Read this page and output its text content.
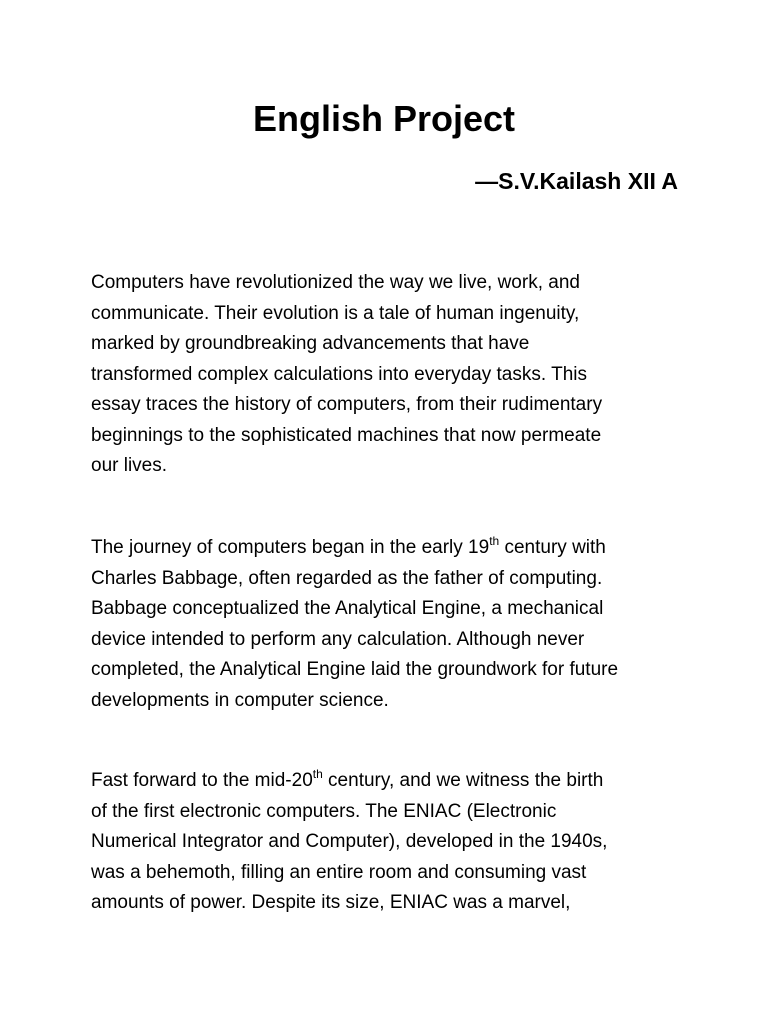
English Project

—S.V.Kailash XII A

Computers have revolutionized the way we live, work, and
communicate. Their evolution is a tale of human ingenuity,
marked by groundbreaking advancements that have
transformed complex calculations into everyday tasks. This
essay traces the history of computers, from their rudimentary
beginnings to the sophisticated machines that now permeate
our lives.

The journey of computers began in the early 19th century with
Charles Babbage, often regarded as the father of computing.
Babbage conceptualized the Analytical Engine, a mechanical
device intended to perform any calculation. Although never
completed, the Analytical Engine laid the groundwork for future
developments in computer science.

Fast forward to the mid-20th century, and we witness the birth
of the first electronic computers. The ENIAC (Electronic
Numerical Integrator and Computer), developed in the 1940s,
was a behemoth, filling an entire room and consuming vast
amounts of power. Despite its size, ENIAC was a marvel,
